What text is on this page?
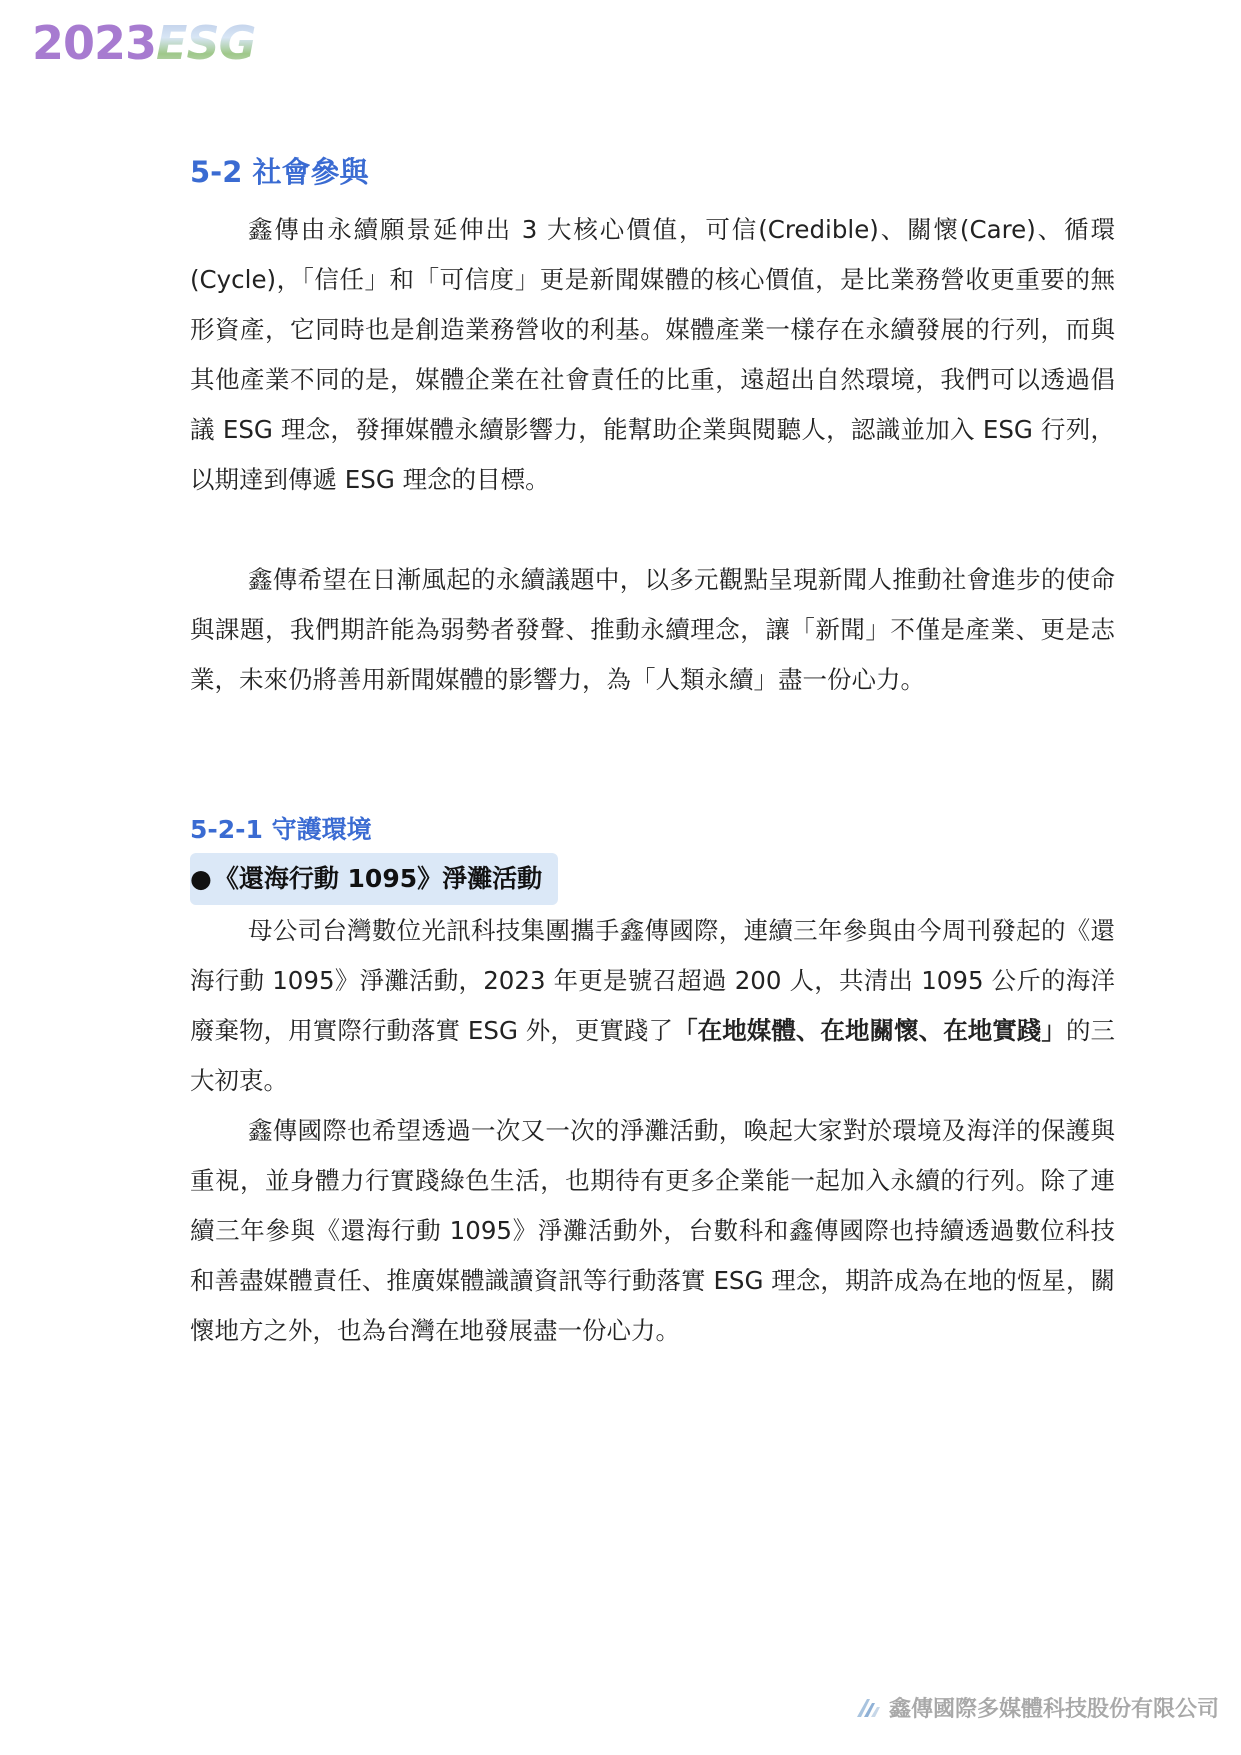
2023ESG
5-2 社會參與

鑫傳由永續願景延伸出 3 大核心價值，可信(Credible)、關懷(Care)、循環(Cycle)，「信任」和「可信度」更是新聞媒體的核心價值，是比業務營收更重要的無形資產，它同時也是創造業務營收的利基。媒體產業一樣存在永續發展的行列，而與其他產業不同的是，媒體企業在社會責任的比重，遠超出自然環境，我們可以透過倡議 ESG 理念，發揮媒體永續影響力，能幫助企業與閱聽人，認識並加入 ESG 行列，以期達到傳遞 ESG 理念的目標。

鑫傳希望在日漸風起的永續議題中，以多元觀點呈現新聞人推動社會進步的使命與課題，我們期許能為弱勢者發聲、推動永續理念，讓「新聞」不僅是產業、更是志業，未來仍將善用新聞媒體的影響力，為「人類永續」盡一份心力。

5-2-1 守護環境
●《還海行動 1095》淨灘活動

母公司台灣數位光訊科技集團攜手鑫傳國際，連續三年參與由今周刊發起的《還海行動 1095》淨灘活動，2023 年更是號召超過 200 人，共清出 1095 公斤的海洋廢棄物，用實際行動落實 ESG 外，更實踐了「在地媒體、在地關懷、在地實踐」的三大初衷。

鑫傳國際也希望透過一次又一次的淨灘活動，喚起大家對於環境及海洋的保護與重視，並身體力行實踐綠色生活，也期待有更多企業能一起加入永續的行列。除了連續三年參與《還海行動 1095》淨灘活動外，台數科和鑫傳國際也持續透過數位科技和善盡媒體責任、推廣媒體識讀資訊等行動落實 ESG 理念，期許成為在地的恆星，關懷地方之外，也為台灣在地發展盡一份心力。

鑫傳國際多媒體科技股份有限公司
